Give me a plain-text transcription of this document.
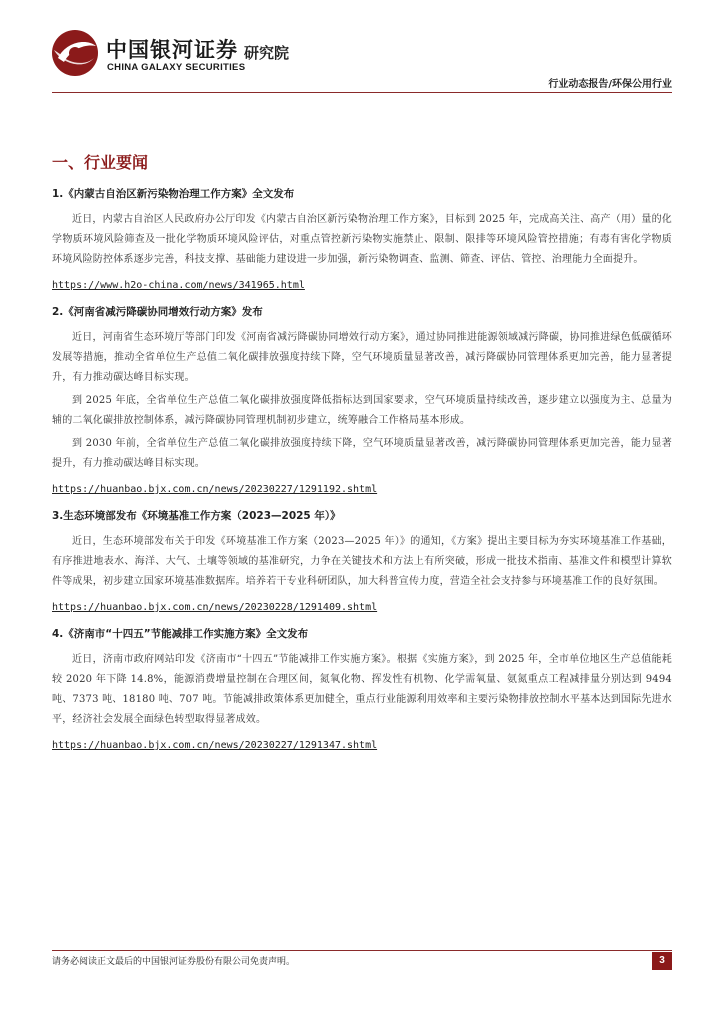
中国银河证券
CHINA GALAXY SECURITIES
研究院
行业动态报告/环保公用行业
一、行业要闻
1.《内蒙古自治区新污染物治理工作方案》全文发布

近日，内蒙古自治区人民政府办公厅印发《内蒙古自治区新污染物治理工作方案》，目标到 2025 年，完成高关注、高产（用）量的化学物质环境风险筛查及一批化学物质环境风险评估，对重点管控新污染物实施禁止、限制、限排等环境风险管控措施；有毒有害化学物质环境风险防控体系逐步完善，科技支撑、基础能力建设进一步加强，新污染物调查、监测、筛查、评估、管控、治理能力全面提升。

https://www.h2o-china.com/news/341965.html
2.《河南省减污降碳协同增效行动方案》发布

近日，河南省生态环境厅等部门印发《河南省减污降碳协同增效行动方案》，通过协同推进能源领域减污降碳，协同推进绿色低碳循环发展等措施，推动全省单位生产总值二氧化碳排放强度持续下降，空气环境质量显著改善，减污降碳协同管理体系更加完善，能力显著提升，有力推动碳达峰目标实现。

到 2025 年底，全省单位生产总值二氧化碳排放强度降低指标达到国家要求，空气环境质量持续改善，逐步建立以强度为主、总量为辅的二氧化碳排放控制体系，减污降碳协同管理机制初步建立，统筹融合工作格局基本形成。

到 2030 年前，全省单位生产总值二氧化碳排放强度持续下降，空气环境质量显著改善，减污降碳协同管理体系更加完善，能力显著提升，有力推动碳达峰目标实现。

https://huanbao.bjx.com.cn/news/20230227/1291192.shtml
3.生态环境部发布《环境基准工作方案（2023—2025 年）》

近日，生态环境部发布关于印发《环境基准工作方案（2023—2025 年）》的通知，《方案》提出主要目标为夯实环境基准工作基础，有序推进地表水、海洋、大气、土壤等领域的基准研究，力争在关键技术和方法上有所突破，形成一批技术指南、基准文件和模型计算软件等成果，初步建立国家环境基准数据库。培养若干专业科研团队，加大科普宣传力度，营造全社会支持参与环境基准工作的良好氛围。

https://huanbao.bjx.com.cn/news/20230228/1291409.shtml
4.《济南市“十四五”节能减排工作实施方案》全文发布

近日，济南市政府网站印发《济南市“十四五”节能减排工作实施方案》。根据《实施方案》，到 2025 年，全市单位地区生产总值能耗较 2020 年下降 14.8%，能源消费增量控制在合理区间，氮氧化物、挥发性有机物、化学需氧量、氨氮重点工程减排量分别达到 9494 吨、7373 吨、18180 吨、707 吨。节能减排政策体系更加健全，重点行业能源利用效率和主要污染物排放控制水平基本达到国际先进水平，经济社会发展全面绿色转型取得显著成效。

https://huanbao.bjx.com.cn/news/20230227/1291347.shtml
请务必阅读正文最后的中国银河证券股份有限公司免责声明。	3
